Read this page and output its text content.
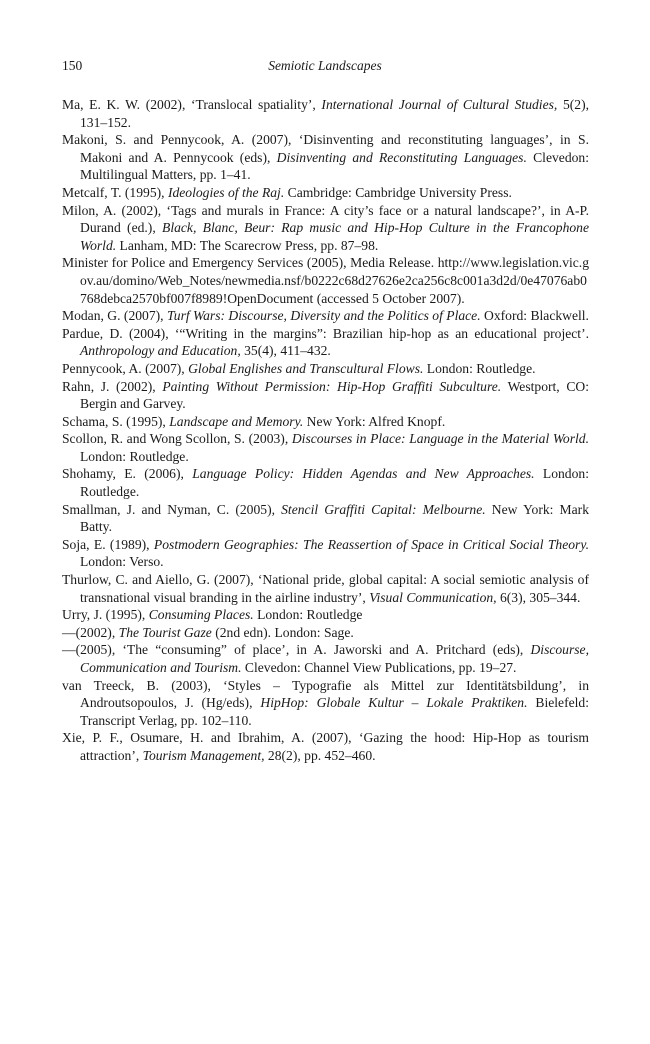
150	Semiotic Landscapes

Ma, E. K. W. (2002), ‘Translocal spatiality’, International Journal of Cultural Studies, 5(2), 131–152.

Makoni, S. and Pennycook, A. (2007), ‘Disinventing and reconstituting languages’, in S. Makoni and A. Pennycook (eds), Disinventing and Reconstituting Languages. Clevedon: Multilingual Matters, pp. 1–41.

Metcalf, T. (1995), Ideologies of the Raj. Cambridge: Cambridge University Press.

Milon, A. (2002), ‘Tags and murals in France: A city’s face or a natural landscape?’, in A-P. Durand (ed.), Black, Blanc, Beur: Rap music and Hip-Hop Culture in the Francophone World. Lanham, MD: The Scarecrow Press, pp. 87–98.

Minister for Police and Emergency Services (2005), Media Release. http://www.legislation.vic.gov.au/domino/Web_Notes/newmedia.nsf/b0222c68d27626e2ca256c8c001a3d2d/0e47076ab0768debca2570bf007f8989!OpenDocument (accessed 5 October 2007).

Modan, G. (2007), Turf Wars: Discourse, Diversity and the Politics of Place. Oxford: Blackwell.

Pardue, D. (2004), ‘“Writing in the margins”: Brazilian hip-hop as an educational project’. Anthropology and Education, 35(4), 411–432.

Pennycook, A. (2007), Global Englishes and Transcultural Flows. London: Routledge.

Rahn, J. (2002), Painting Without Permission: Hip-Hop Graffiti Subculture. Westport, CO: Bergin and Garvey.

Schama, S. (1995), Landscape and Memory. New York: Alfred Knopf.

Scollon, R. and Wong Scollon, S. (2003), Discourses in Place: Language in the Material World. London: Routledge.

Shohamy, E. (2006), Language Policy: Hidden Agendas and New Approaches. London: Routledge.

Smallman, J. and Nyman, C. (2005), Stencil Graffiti Capital: Melbourne. New York: Mark Batty.

Soja, E. (1989), Postmodern Geographies: The Reassertion of Space in Critical Social Theory. London: Verso.

Thurlow, C. and Aiello, G. (2007), ‘National pride, global capital: A social semiotic analysis of transnational visual branding in the airline industry’, Visual Communication, 6(3), 305–344.

Urry, J. (1995), Consuming Places. London: Routledge

—(2002), The Tourist Gaze (2nd edn). London: Sage.

—(2005), ‘The “consuming” of place’, in A. Jaworski and A. Pritchard (eds), Discourse, Communication and Tourism. Clevedon: Channel View Publications, pp. 19–27.

van Treeck, B. (2003), ‘Styles – Typografie als Mittel zur Identitätsbildung’, in Androutsopoulos, J. (Hg/eds), HipHop: Globale Kultur – Lokale Praktiken. Bielefeld: Transcript Verlag, pp. 102–110.

Xie, P. F., Osumare, H. and Ibrahim, A. (2007), ‘Gazing the hood: Hip-Hop as tourism attraction’, Tourism Management, 28(2), pp. 452–460.
